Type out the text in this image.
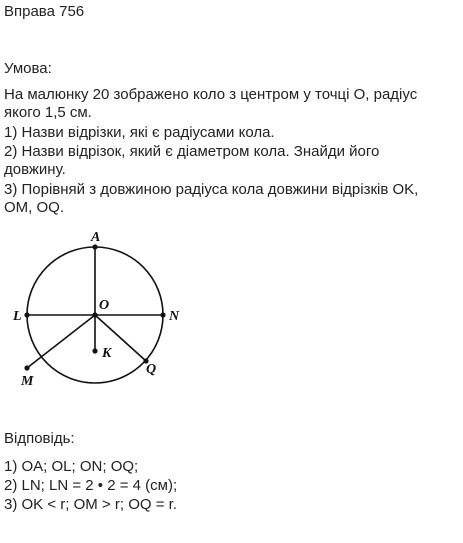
Вправа 756
Умова:
На малюнку 20 зображено коло з центром у точці О, радіус
якого 1,5 см.
1) Назви відрізки, які є радіусами кола.
2) Назви відрізок, який є діаметром кола. Знайди його
довжину.
3) Порівняй з довжиною радіуса кола довжини відрізків OK,
OM, OQ.
A
O
L	N
K
M
Q
Відповідь:
1) OA; OL; ON; OQ;
2) LN; LN = 2 • 2 = 4 (см);
3) OK < r; OM > r; OQ = r.
